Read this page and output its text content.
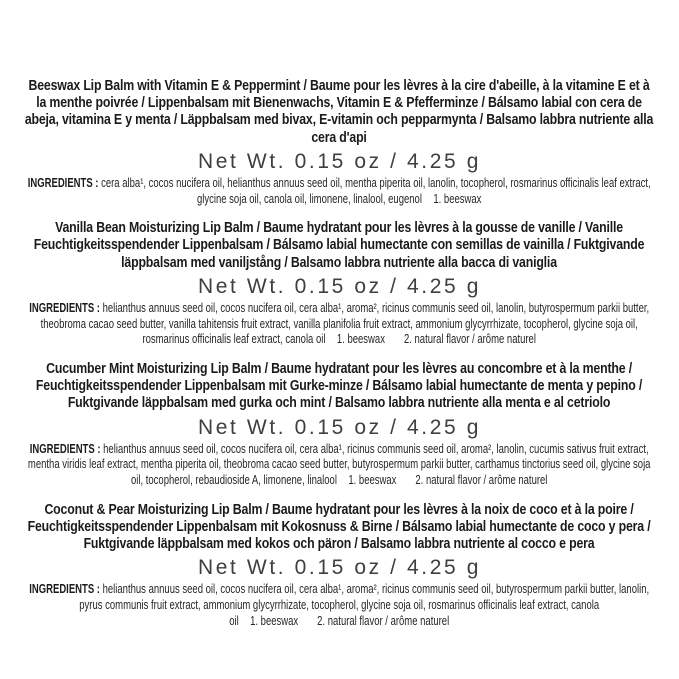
Beeswax Lip Balm with Vitamin E & Peppermint / Baume pour les lèvres à la cire d'abeille, à la vitamine E et à la menthe poivrée / Lippenbalsam mit Bienenwachs, Vitamin E & Pfefferminze / Bálsamo labial con cera de abeja, vitamina E y menta / Läppbalsam med bivax, E-vitamin och pepparmynta / Balsamo labbra nutriente alla cera d'api
Net Wt. 0.15 oz / 4.25 g
INGREDIENTS : cera alba¹, cocos nucifera oil, helianthus annuus seed oil, mentha piperita oil, lanolin, tocopherol, rosmarinus officinalis leaf extract, glycine soja oil, canola oil, limonene, linalool, eugenol 1. beeswax
Vanilla Bean Moisturizing Lip Balm / Baume hydratant pour les lèvres à la gousse de vanille / Vanille Feuchtigkeitsspendender Lippenbalsam / Bálsamo labial humectante con semillas de vainilla / Fuktgivande läppbalsam med vaniljstång / Balsamo labbra nutriente alla bacca di vaniglia
Net Wt. 0.15 oz / 4.25 g
INGREDIENTS : helianthus annuus seed oil, cocos nucifera oil, cera alba¹, aroma², ricinus communis seed oil, lanolin, butyrospermum parkii butter, theobroma cacao seed butter, vanilla tahitensis fruit extract, vanilla planifolia fruit extract, ammonium glycyrrhizate, tocopherol, glycine soja oil, rosmarinus officinalis leaf extract, canola oil 1. beeswax  2. natural flavor / arôme naturel
Cucumber Mint Moisturizing Lip Balm / Baume hydratant pour les lèvres au concombre et à la menthe / Feuchtigkeitsspendender Lippenbalsam mit Gurke-minze / Bálsamo labial humectante de menta y pepino / Fuktgivande läppbalsam med gurka och mint / Balsamo labbra nutriente alla menta e al cetriolo
Net Wt. 0.15 oz / 4.25 g
INGREDIENTS : helianthus annuus seed oil, cocos nucifera oil, cera alba¹, ricinus communis seed oil, aroma², lanolin, cucumis sativus fruit extract, mentha viridis leaf extract, mentha piperita oil, theobroma cacao seed butter, butyrospermum parkii butter, carthamus tinctorius seed oil, glycine soja oil, tocopherol, rebaudioside A, limonene, linalool 1. beeswax  2. natural flavor / arôme naturel
Coconut & Pear Moisturizing Lip Balm / Baume hydratant pour les lèvres à la noix de coco et à la poire / Feuchtigkeitsspendender Lippenbalsam mit Kokosnuss & Birne / Bálsamo labial humectante de coco y pera / Fuktgivande läppbalsam med kokos och päron / Balsamo labbra nutriente al cocco e pera
Net Wt. 0.15 oz / 4.25 g
INGREDIENTS : helianthus annuus seed oil, cocos nucifera oil, cera alba¹, aroma², ricinus communis seed oil, butyrospermum parkii butter, lanolin, pyrus communis fruit extract, ammonium glycyrrhizate, tocopherol, glycine soja oil, rosmarinus officinalis leaf extract, canola oil 1. beeswax  2. natural flavor / arôme naturel
